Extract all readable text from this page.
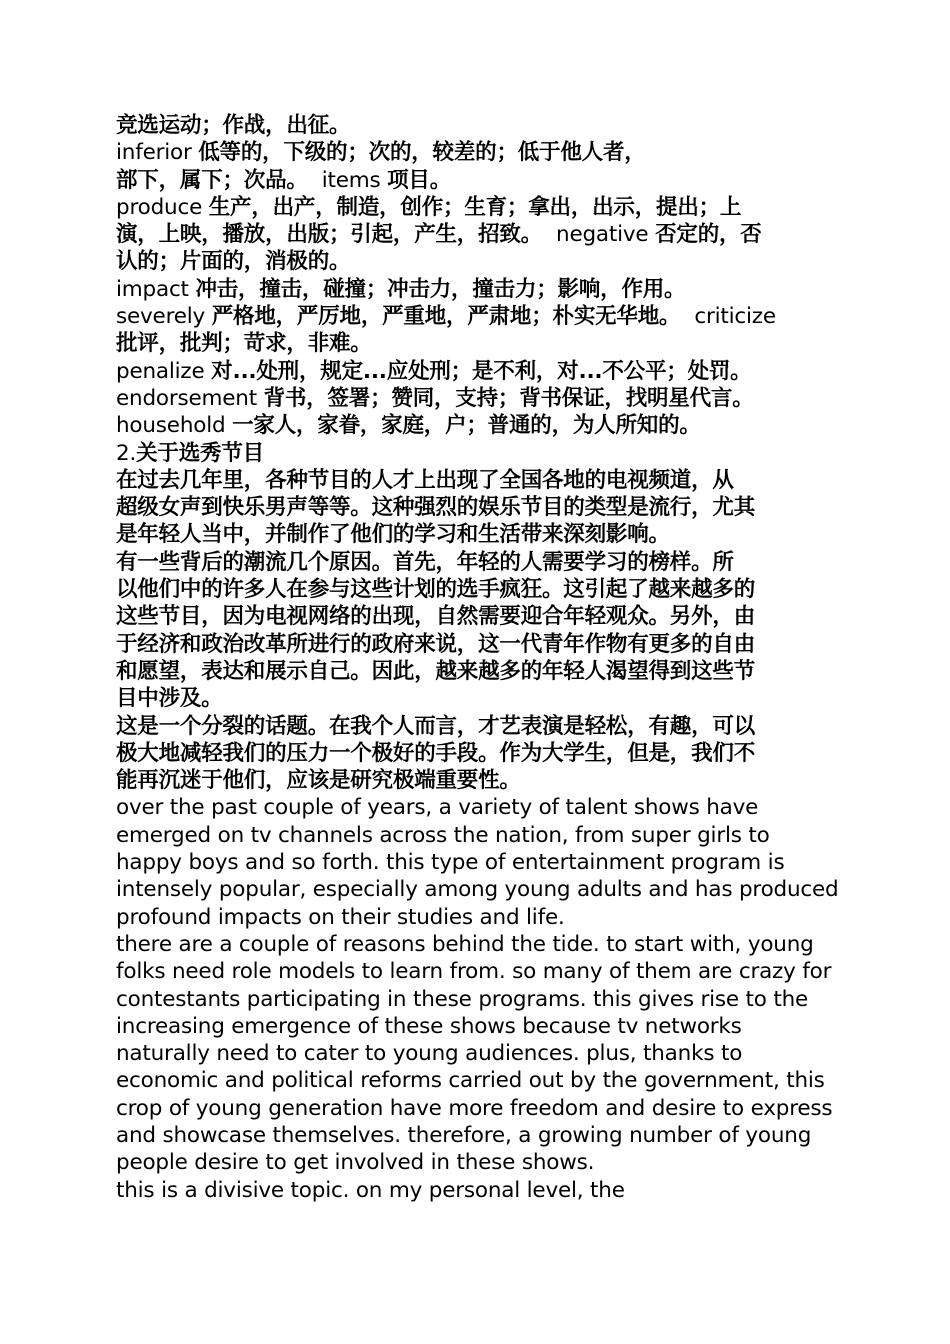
竞选运动；作战，出征。
inferior 低等的，下级的；次的，较差的；低于他人者，
部下，属下；次品。 items 项目。
produce 生产，出产，制造，创作；生育；拿出，出示，提出；上
演，上映，播放，出版；引起，产生，招致。 negative 否定的，否
认的；片面的，消极的。
impact 冲击，撞击，碰撞；冲击力，撞击力；影响，作用。
severely 严格地，严厉地，严重地，严肃地；朴实无华地。 criticize
批评，批判；苛求，非难。
penalize 对...处刑，规定...应处刑；是不利，对...不公平；处罚。
endorsement 背书，签署；赞同，支持；背书保证，找明星代言。
household 一家人，家眷，家庭，户；普通的，为人所知的。
2.关于选秀节目
在过去几年里，各种节目的人才上出现了全国各地的电视频道，从
超级女声到快乐男声等等。这种强烈的娱乐节目的类型是流行，尤其
是年轻人当中，并制作了他们的学习和生活带来深刻影响。
有一些背后的潮流几个原因。首先，年轻的人需要学习的榜样。所
以他们中的许多人在参与这些计划的选手疯狂。这引起了越来越多的
这些节目，因为电视网络的出现，自然需要迎合年轻观众。另外，由
于经济和政治改革所进行的政府来说，这一代青年作物有更多的自由
和愿望，表达和展示自己。因此，越来越多的年轻人渴望得到这些节
目中涉及。
这是一个分裂的话题。在我个人而言，才艺表演是轻松，有趣，可以
极大地减轻我们的压力一个极好的手段。作为大学生，但是，我们不
能再沉迷于他们，应该是研究极端重要性。
over the past couple of years, a variety of talent shows have
emerged on tv channels across the nation, from super girls to
happy boys and so forth. this type of entertainment program is
intensely popular, especially among young adults and has produced
profound impacts on their studies and life.
there are a couple of reasons behind the tide. to start with, young
folks need role models to learn from. so many of them are crazy for
contestants participating in these programs. this gives rise to the
increasing emergence of these shows because tv networks
naturally need to cater to young audiences. plus, thanks to
economic and political reforms carried out by the government, this
crop of young generation have more freedom and desire to express
and showcase themselves. therefore, a growing number of young
people desire to get involved in these shows.
this is a divisive topic. on my personal level, the
